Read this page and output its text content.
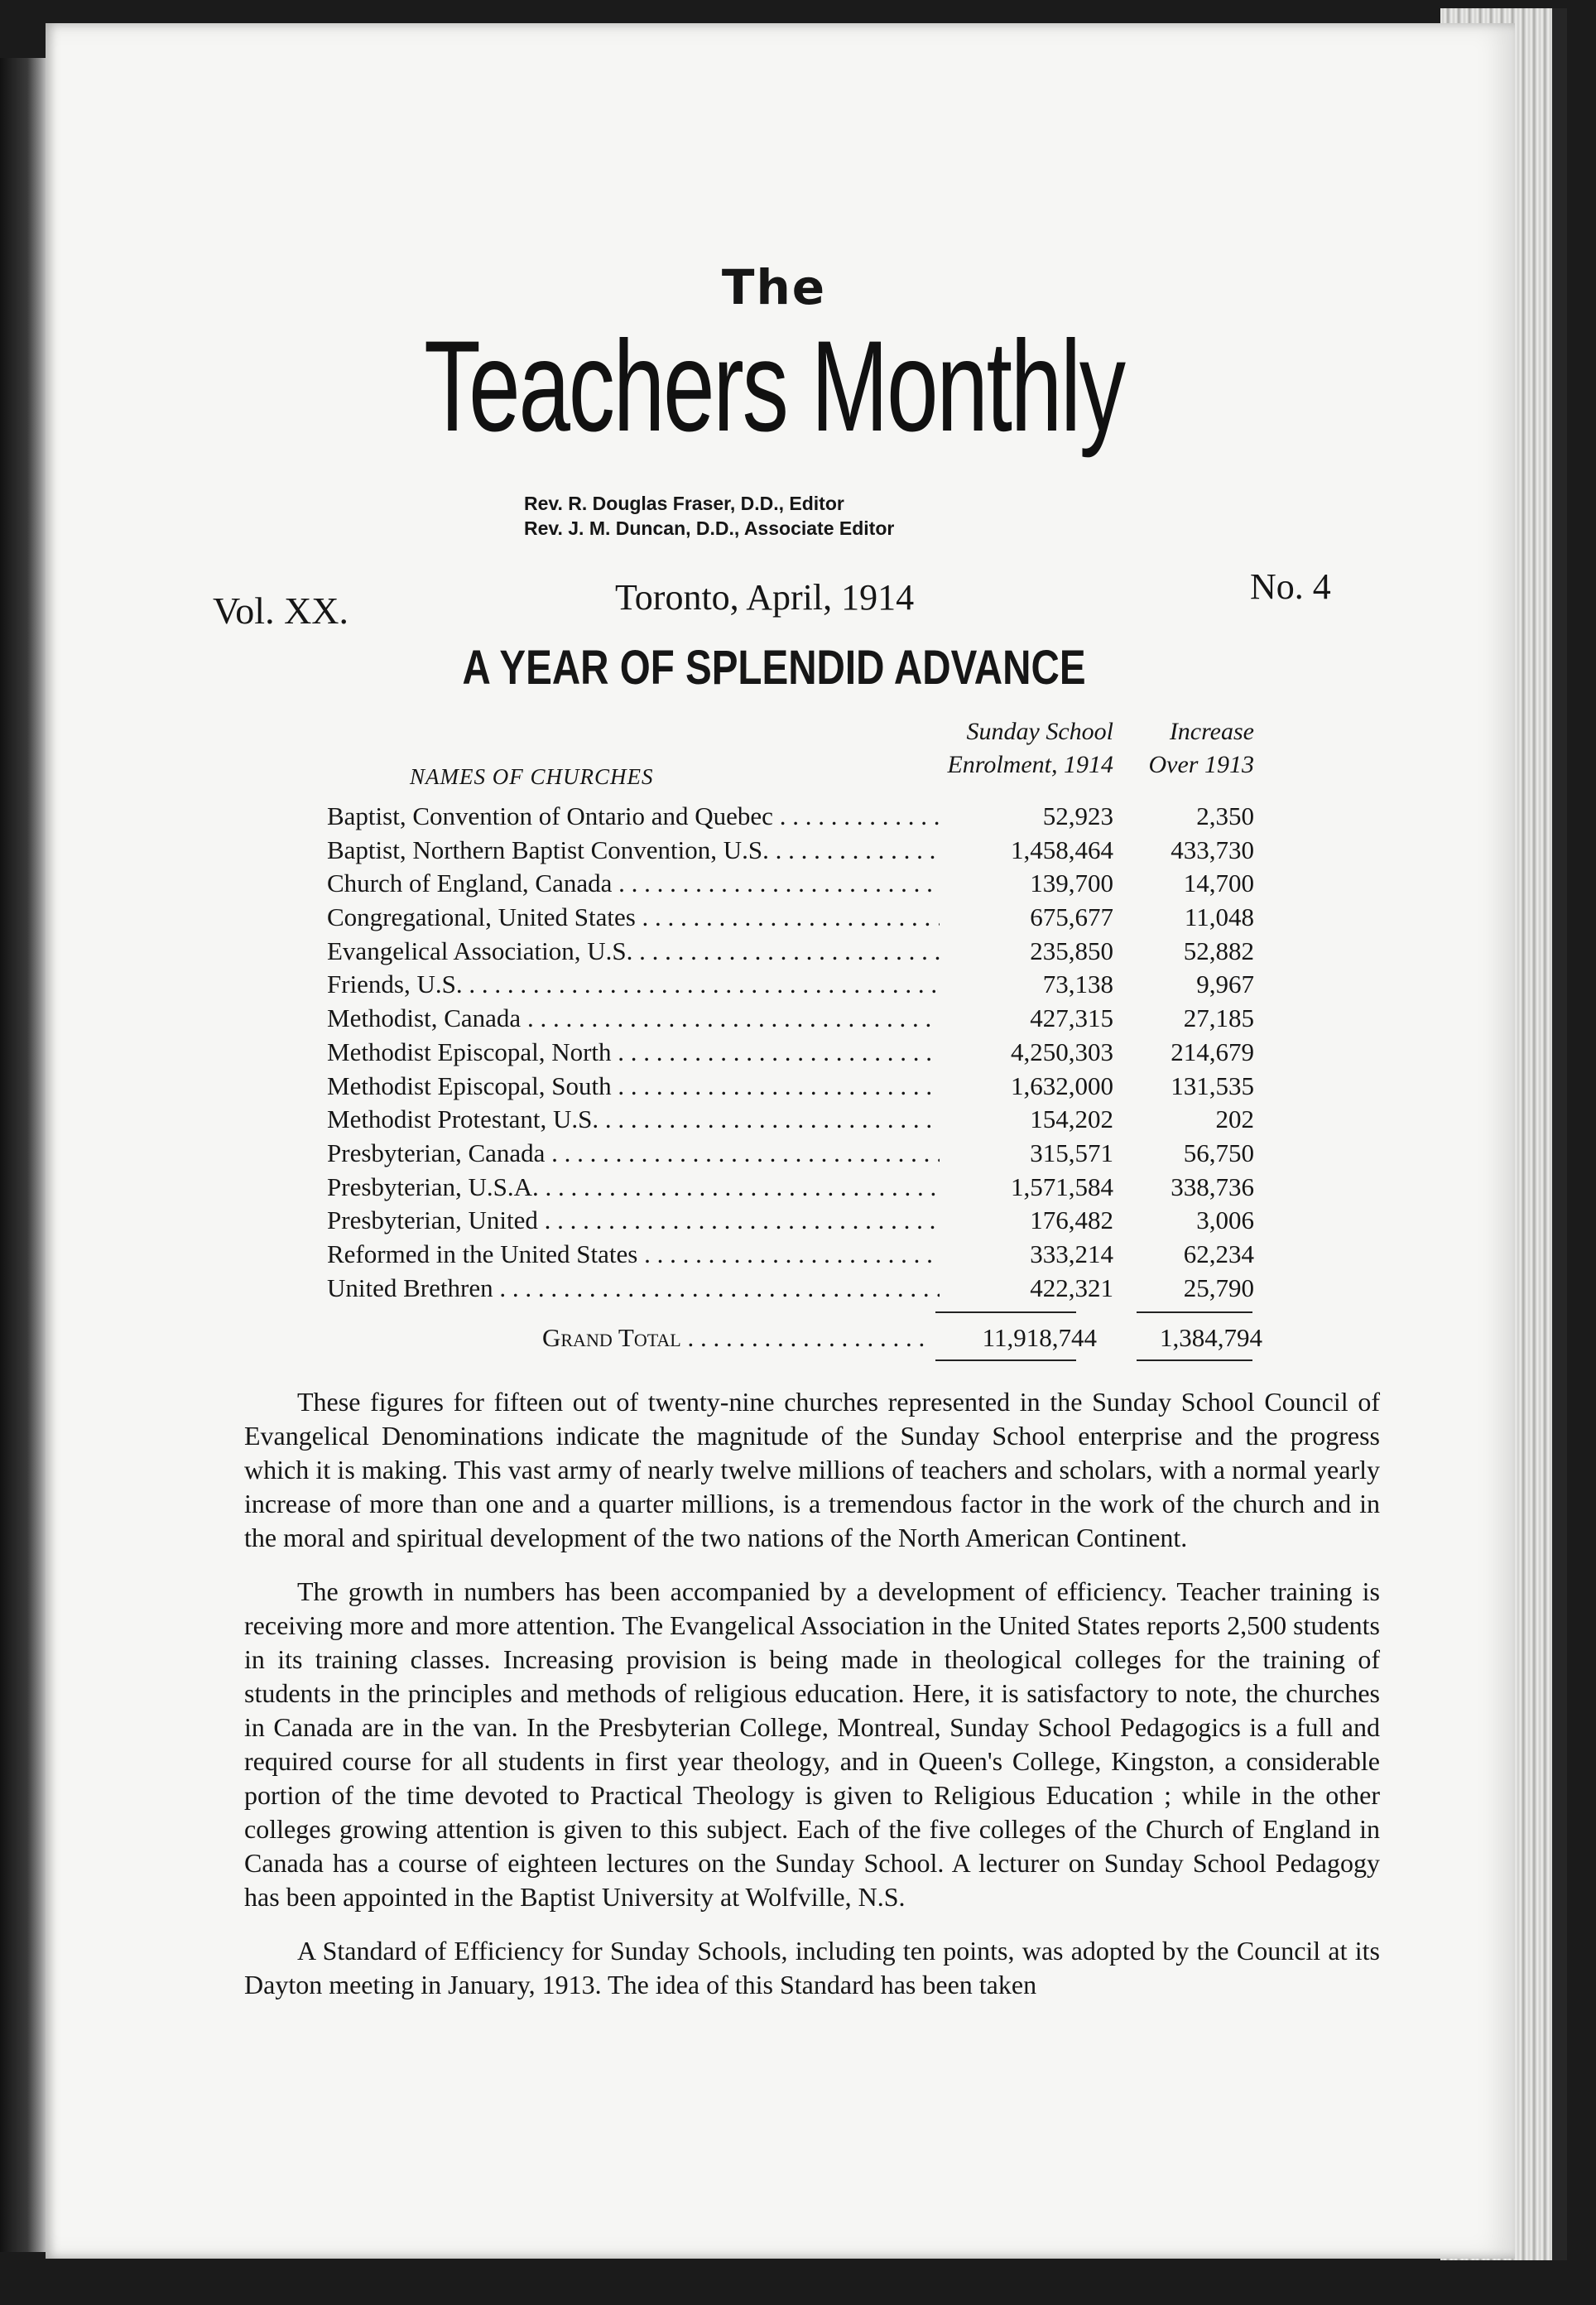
The
Teachers Monthly
Rev. R. Douglas Fraser, D.D., Editor
Rev. J. M. Duncan, D.D., Associate Editor
Vol. XX.	Toronto, April, 1914	No. 4
A YEAR OF SPLENDID ADVANCE
NAMES OF CHURCHES
Sunday School
Enrolment, 1914
Increase
Over 1913
Baptist, Convention of Ontario and Quebec . . .	52,923	2,350
Baptist, Northern Baptist Convention, U.S. . . .	1,458,464	433,730
Church of England, Canada . . .	139,700	14,700
Congregational, United States . . .	675,677	11,048
Evangelical Association, U.S. . . .	235,850	52,882
Friends, U.S. . . .	73,138	9,967
Methodist, Canada . . .	427,315	27,185
Methodist Episcopal, North . . .	4,250,303	214,679
Methodist Episcopal, South . . .	1,632,000	131,535
Methodist Protestant, U.S. . . .	154,202	202
Presbyterian, Canada . . .	315,571	56,750
Presbyterian, U.S.A. . . .	1,571,584	338,736
Presbyterian, United . . .	176,482	3,006
Reformed in the United States . . .	333,214	62,234
United Brethren . . .	422,321	25,790
Grand Total . . .	11,918,744	1,384,794

These figures for fifteen out of twenty-nine churches represented in the Sunday School Council of Evangelical Denominations indicate the magnitude of the Sunday School enterprise and the progress which it is making. This vast army of nearly twelve millions of teachers and scholars, with a normal yearly increase of more than one and a quarter millions, is a tremendous factor in the work of the church and in the moral and spiritual development of the two nations of the North American Continent.

The growth in numbers has been accompanied by a development of efficiency. Teacher training is receiving more and more attention. The Evangelical Association in the United States reports 2,500 students in its training classes. Increasing provision is being made in theological colleges for the training of students in the principles and methods of religious education. Here, it is satisfactory to note, the churches in Canada are in the van. In the Presbyterian College, Montreal, Sunday School Pedagogics is a full and required course for all students in first year theology, and in Queen's College, Kingston, a considerable portion of the time devoted to Practical Theology is given to Religious Education ; while in the other colleges growing attention is given to this subject. Each of the five colleges of the Church of England in Canada has a course of eighteen lectures on the Sunday School. A lecturer on Sunday School Pedagogy has been appointed in the Baptist University at Wolfville, N.S.

A Standard of Efficiency for Sunday Schools, including ten points, was adopted by the Council at its Dayton meeting in January, 1913. The idea of this Standard has been taken
